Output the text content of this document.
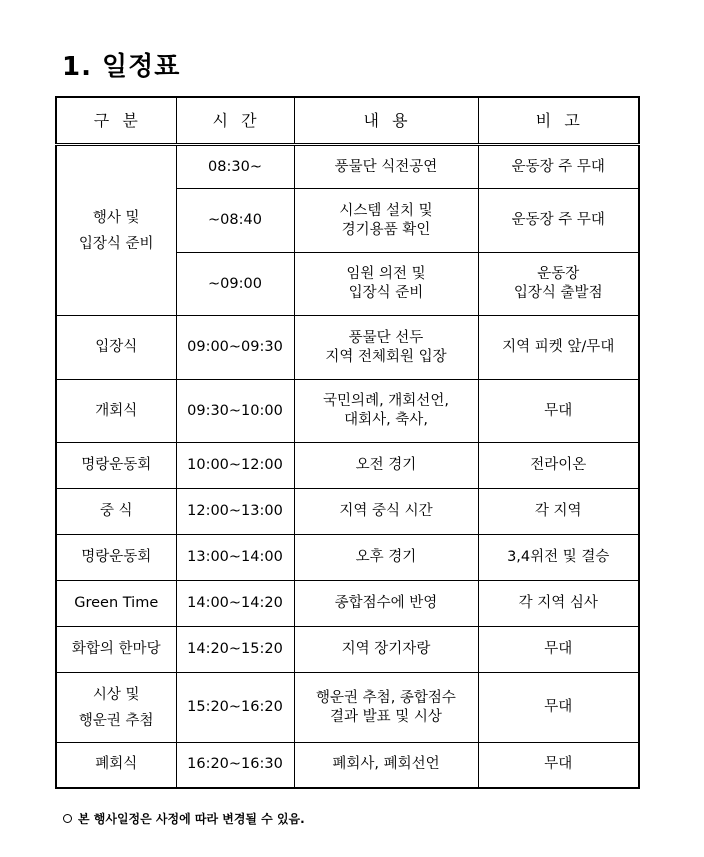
1. 일정표
구  분	시  간	내  용	비  고
행사 및
입장식 준비	08:30~	풍물단 식전공연	운동장 주 무대
	~08:40	시스템 설치 및
경기용품 확인	운동장 주 무대
	~09:00	임원 의전 및
입장식 준비	운동장
입장식 출발점
입장식	09:00~09:30	풍물단 선두
지역 전체회원 입장	지역 피켓 앞/무대
개회식	09:30~10:00	국민의례, 개회선언,
대회사, 축사,	무대
명랑운동회	10:00~12:00	오전 경기	전라이온
중 식	12:00~13:00	지역 중식 시간	각 지역
명랑운동회	13:00~14:00	오후 경기	3,4위전 및 결승
Green Time	14:00~14:20	종합점수에 반영	각 지역 심사
화합의 한마당	14:20~15:20	지역 장기자랑	무대
시상 및
행운권 추첨	15:20~16:20	행운권 추첨, 종합점수
결과 발표 및 시상	무대
폐회식	16:20~16:30	폐회사, 폐회선언	무대
본 행사일정은 사정에 따라 변경될 수 있음.
